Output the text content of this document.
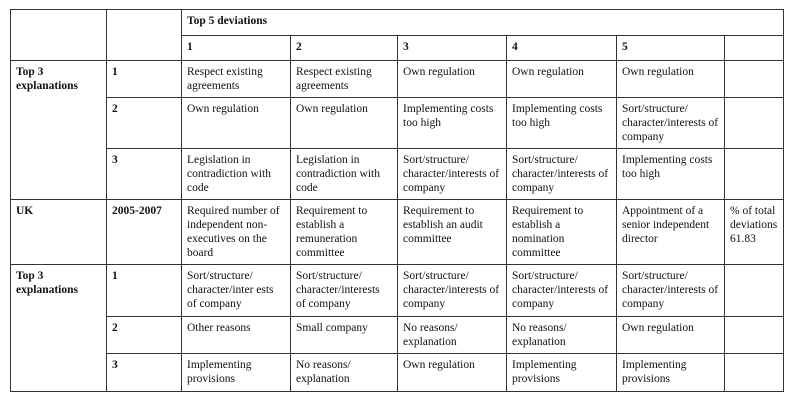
		Top 5 deviations					
		1	2	3	4	5	
Top 3 explanations	1	Respect existing agreements	Respect existing agreements	Own regulation	Own regulation	Own regulation	
	2	Own regulation	Own regulation	Implementing costs too high	Implementing costs too high	Sort/structure/ character/interests of company	
	3	Legislation in contradiction with code	Legislation in contradiction with code	Sort/structure/ character/interests of company	Sort/structure/ character/interests of company	Implementing costs too high	
UK	2005-2007	Required number of independent non-executives on the board	Requirement to establish a remuneration committee	Requirement to establish an audit committee	Requirement to establish a nomination committee	Appointment of a senior independent director	% of total deviations 61.83
Top 3 explanations	1	Sort/structure/ character/inter ests of company	Sort/structure/ character/interests of company	Sort/structure/ character/interests of company	Sort/structure/ character/interests of company	Sort/structure/ character/interests of company	
	2	Other reasons	Small company	No reasons/ explanation	No reasons/ explanation	Own regulation	
	3	Implementing provisions	No reasons/ explanation	Own regulation	Implementing provisions	Implementing provisions	
